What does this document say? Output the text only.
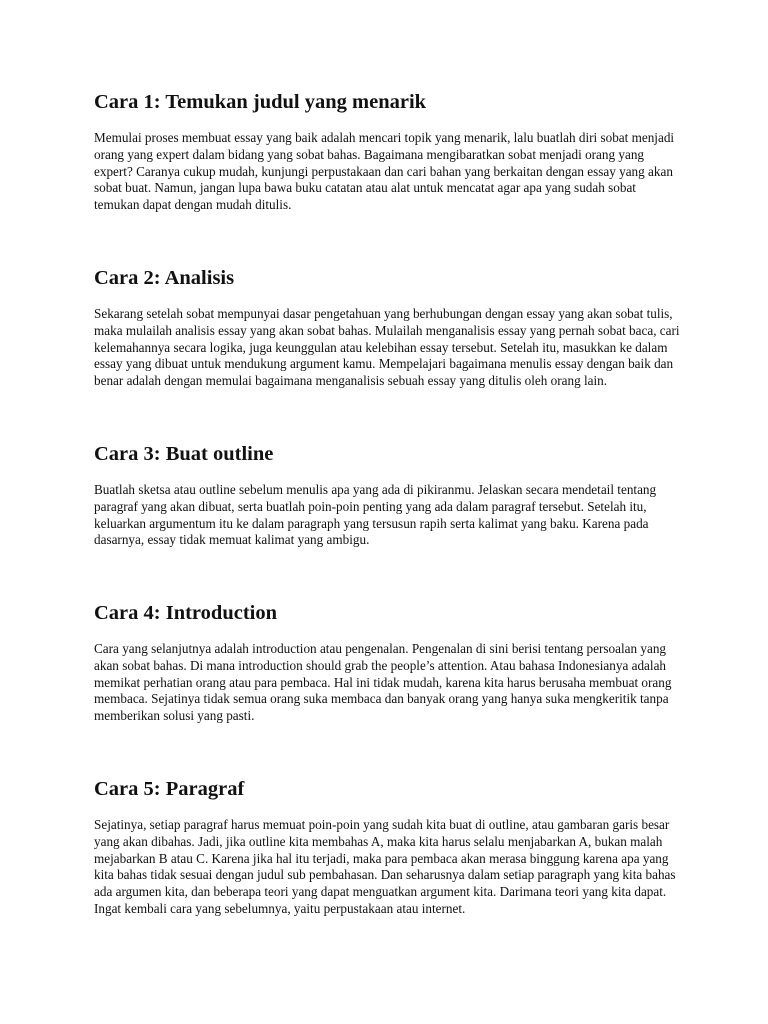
Cara 1: Temukan judul yang menarik

Memulai proses membuat essay yang baik adalah mencari topik yang menarik, lalu buatlah diri sobat menjadi orang yang expert dalam bidang yang sobat bahas. Bagaimana mengibaratkan sobat menjadi orang yang expert? Caranya cukup mudah, kunjungi perpustakaan dan cari bahan yang berkaitan dengan essay yang akan sobat buat. Namun, jangan lupa bawa buku catatan atau alat untuk mencatat agar apa yang sudah sobat temukan dapat dengan mudah ditulis.

Cara 2: Analisis

Sekarang setelah sobat mempunyai dasar pengetahuan yang berhubungan dengan essay yang akan sobat tulis, maka mulailah analisis essay yang akan sobat bahas. Mulailah menganalisis essay yang pernah sobat baca, cari kelemahannya secara logika, juga keunggulan atau kelebihan essay tersebut. Setelah itu, masukkan ke dalam essay yang dibuat untuk mendukung argument kamu. Mempelajari bagaimana menulis essay dengan baik dan benar adalah dengan memulai bagaimana menganalisis sebuah essay yang ditulis oleh orang lain.

Cara 3: Buat outline

Buatlah sketsa atau outline sebelum menulis apa yang ada di pikiranmu. Jelaskan secara mendetail tentang paragraf yang akan dibuat, serta buatlah poin-poin penting yang ada dalam paragraf tersebut. Setelah itu, keluarkan argumentum itu ke dalam paragraph yang tersusun rapih serta kalimat yang baku. Karena pada dasarnya, essay tidak memuat kalimat yang ambigu.

Cara 4: Introduction

Cara yang selanjutnya adalah introduction atau pengenalan. Pengenalan di sini berisi tentang persoalan yang akan sobat bahas. Di mana introduction should grab the people’s attention. Atau bahasa Indonesianya adalah memikat perhatian orang atau para pembaca. Hal ini tidak mudah, karena kita harus berusaha membuat orang membaca. Sejatinya tidak semua orang suka membaca dan banyak orang yang hanya suka mengkeritik tanpa memberikan solusi yang pasti.

Cara 5: Paragraf

Sejatinya, setiap paragraf harus memuat poin-poin yang sudah kita buat di outline, atau gambaran garis besar yang akan dibahas. Jadi, jika outline kita membahas A, maka kita harus selalu menjabarkan A, bukan malah mejabarkan B atau C. Karena jika hal itu terjadi, maka para pembaca akan merasa binggung karena apa yang kita bahas tidak sesuai dengan judul sub pembahasan. Dan seharusnya dalam setiap paragraph yang kita bahas ada argumen kita, dan beberapa teori yang dapat menguatkan argument kita. Darimana teori yang kita dapat. Ingat kembali cara yang sebelumnya, yaitu perpustakaan atau internet.
